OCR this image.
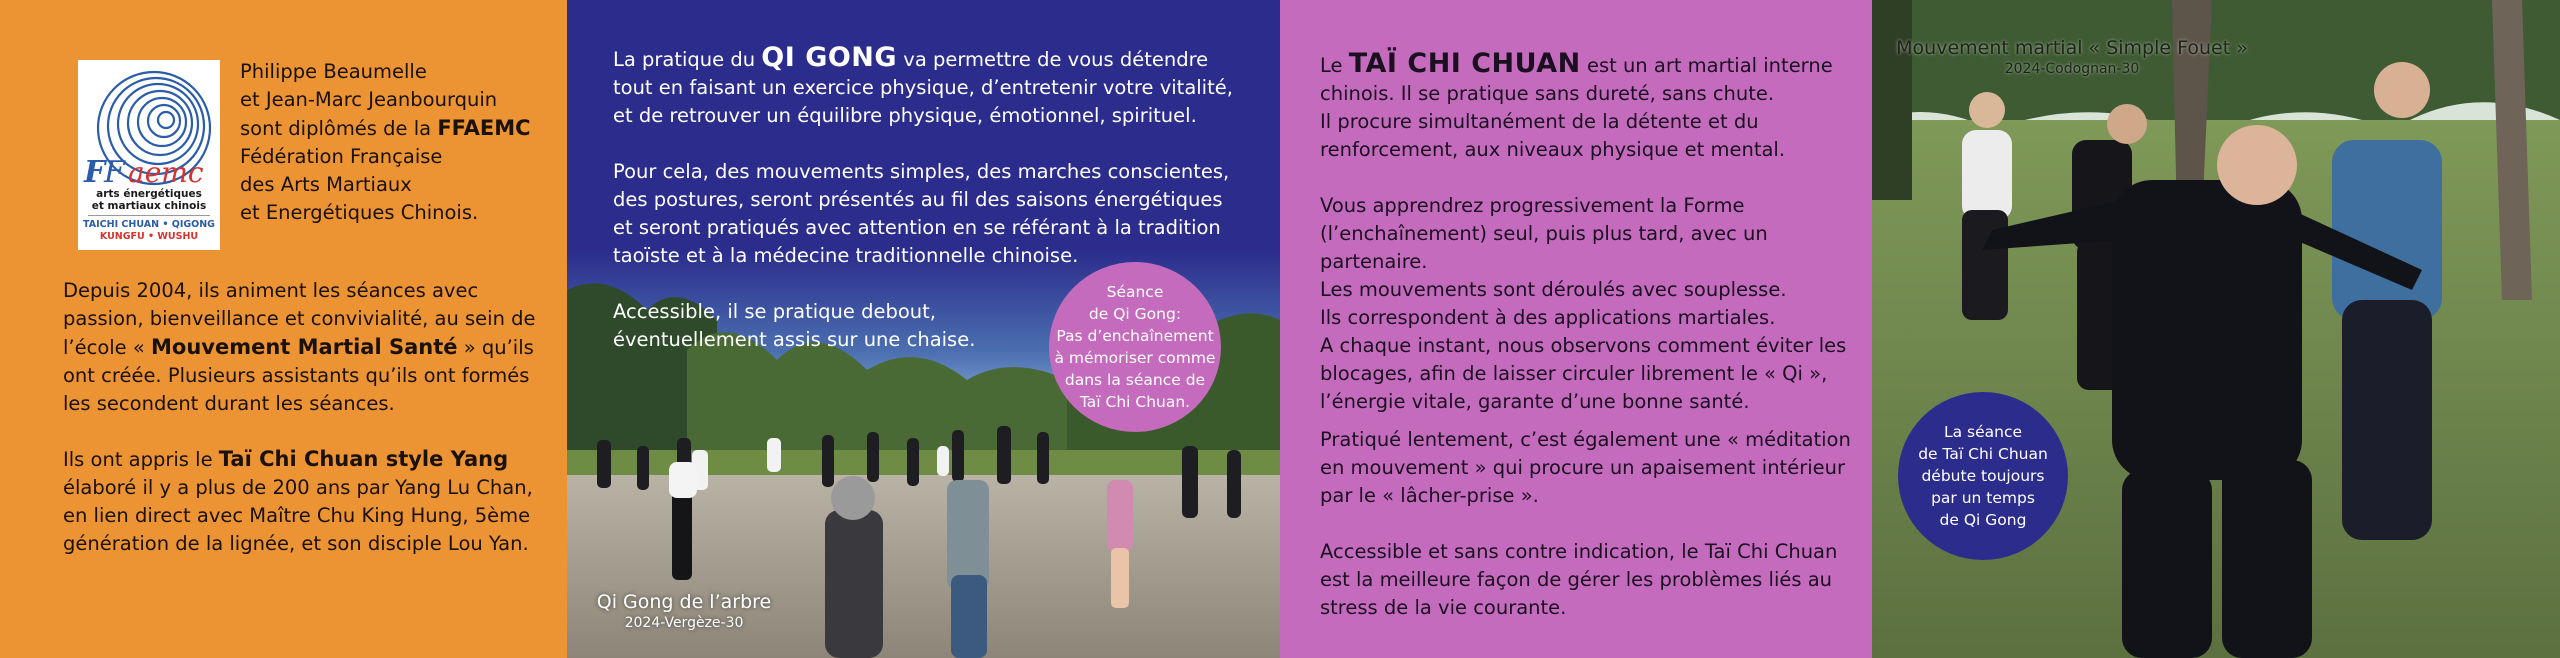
F
F aemc
arts énergétiques
et martiaux chinois
TAICHI CHUAN • QIGONG
KUNGFU • WUSHU
Philippe Beaumelle
et Jean-Marc Jeanbourquin
sont diplômés de la FFAEMC
Fédération Française
des Arts Martiaux
et Energétiques Chinois.
Depuis 2004, ils animent les séances avec
passion, bienveillance et convivialité, au sein de
l’école « Mouvement Martial Santé » qu’ils
ont créée. Plusieurs assistants qu’ils ont formés
les secondent durant les séances.
Ils ont appris le Taï Chi Chuan style Yang
élaboré il y a plus de 200 ans par Yang Lu Chan,
en lien direct avec Maître Chu King Hung, 5ème
génération de la lignée, et son disciple Lou Yan.
La pratique du QI GONG va permettre de vous détendre
tout en faisant un exercice physique, d’entretenir votre vitalité,
et de retrouver un équilibre physique, émotionnel, spirituel.
Pour cela, des mouvements simples, des marches conscientes,
des postures, seront présentés au fil des saisons énergétiques
et seront pratiqués avec attention en se référant à la tradition
taoïste et à la médecine traditionnelle chinoise.
Accessible, il se pratique debout,
éventuellement assis sur une chaise.
Séance
de Qi Gong:
Pas d’enchaînement
à mémoriser comme
dans la séance de
Taï Chi Chuan.
Qi Gong de l’arbre
2024-Vergèze-30
Le TAÏ CHI CHUAN est un art martial interne
chinois. Il se pratique sans dureté, sans chute.
Il procure simultanément de la détente et du
renforcement, aux niveaux physique et mental.
Vous apprendrez progressivement la Forme
(l’enchaînement) seul, puis plus tard, avec un
partenaire.
Les mouvements sont déroulés avec souplesse.
Ils correspondent à des applications martiales.
A chaque instant, nous observons comment éviter les
blocages, afin de laisser circuler librement le « Qi »,
l’énergie vitale, garante d’une bonne santé.
Pratiqué lentement, c’est également une « méditation
en mouvement » qui procure un apaisement intérieur
par le « lâcher-prise ».
Accessible et sans contre indication, le Taï Chi Chuan
est la meilleure façon de gérer les problèmes liés au
stress de la vie courante.
Mouvement martial « Simple Fouet »
2024-Codognan-30
La séance
de Taï Chi Chuan
débute toujours
par un temps
de Qi Gong
